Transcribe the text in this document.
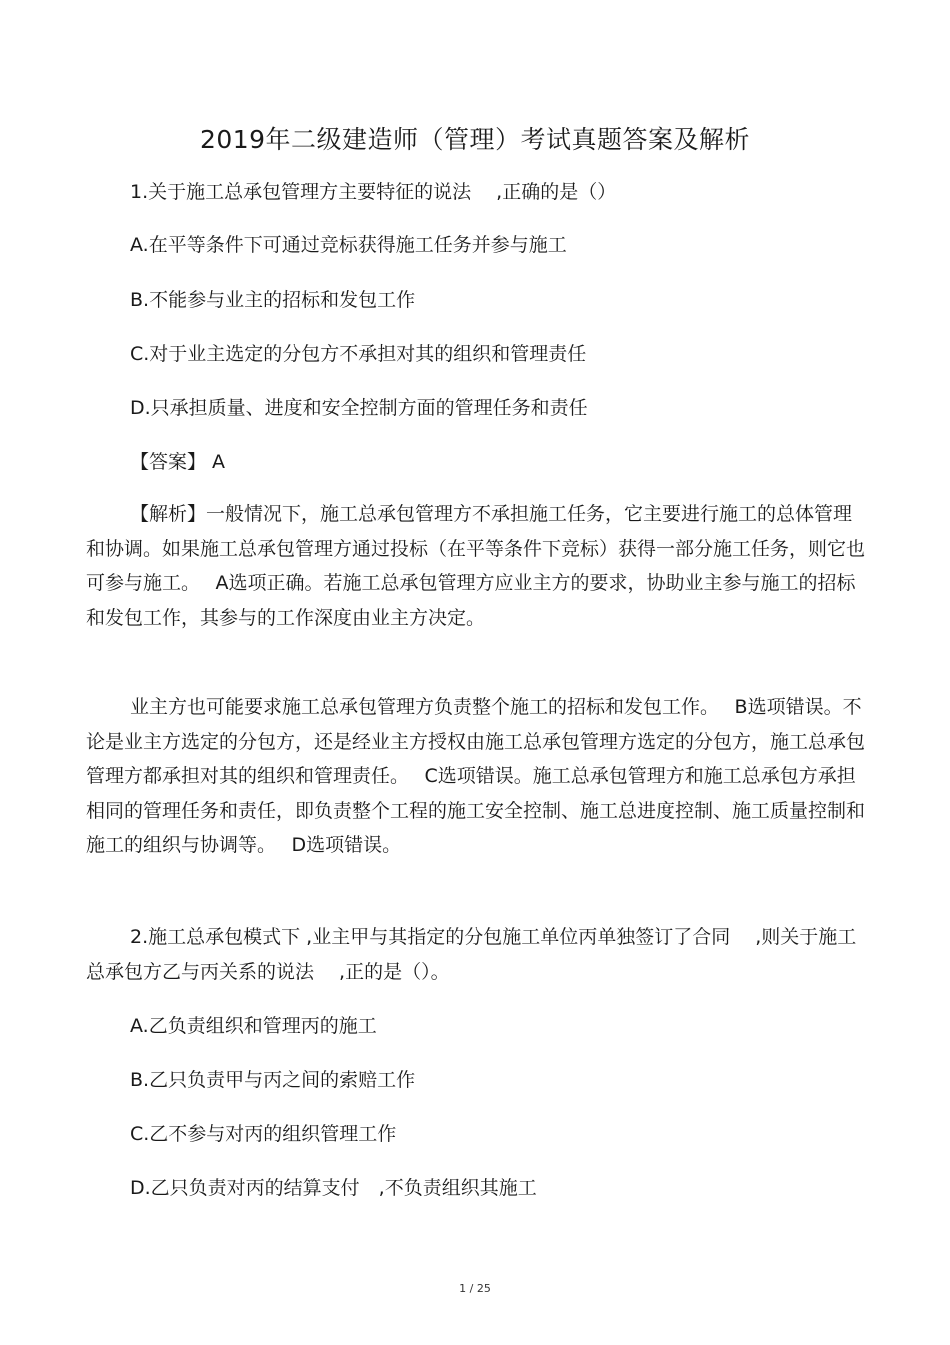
2019年二级建造师（管理）考试真题答案及解析
1.关于施工总承包管理方主要特征的说法　 ,正确的是（）
A.在平等条件下可通过竞标获得施工任务并参与施工
B.不能参与业主的招标和发包工作
C.对于业主选定的分包方不承担对其的组织和管理责任
D.只承担质量、进度和安全控制方面的管理任务和责任
【答案】 A
【解析】一般情况下，施工总承包管理方不承担施工任务，它主要进行施工的总体管理和协调。如果施工总承包管理方通过投标（在平等条件下竞标）获得一部分施工任务，则它也可参与施工。　 A选项正确。若施工总承包管理方应业主方的要求，协助业主参与施工的招标和发包工作，其参与的工作深度由业主方决定。
业主方也可能要求施工总承包管理方负责整个施工的招标和发包工作。　 B选项错误。不论是业主方选定的分包方，还是经业主方授权由施工总承包管理方选定的分包方，施工总承包管理方都承担对其的组织和管理责任。　 C选项错误。施工总承包管理方和施工总承包方承担相同的管理任务和责任，即负责整个工程的施工安全控制、施工总进度控制、施工质量控制和施工的组织与协调等。　 D选项错误。
2.施工总承包模式下 ,业主甲与其指定的分包施工单位丙单独签订了合同　 ,则关于施工总承包方乙与丙关系的说法　 ,正的是（）。
A.乙负责组织和管理丙的施工
B.乙只负责甲与丙之间的索赔工作
C.乙不参与对丙的组织管理工作
D.乙只负责对丙的结算支付　,不负责组织其施工
1 / 25
